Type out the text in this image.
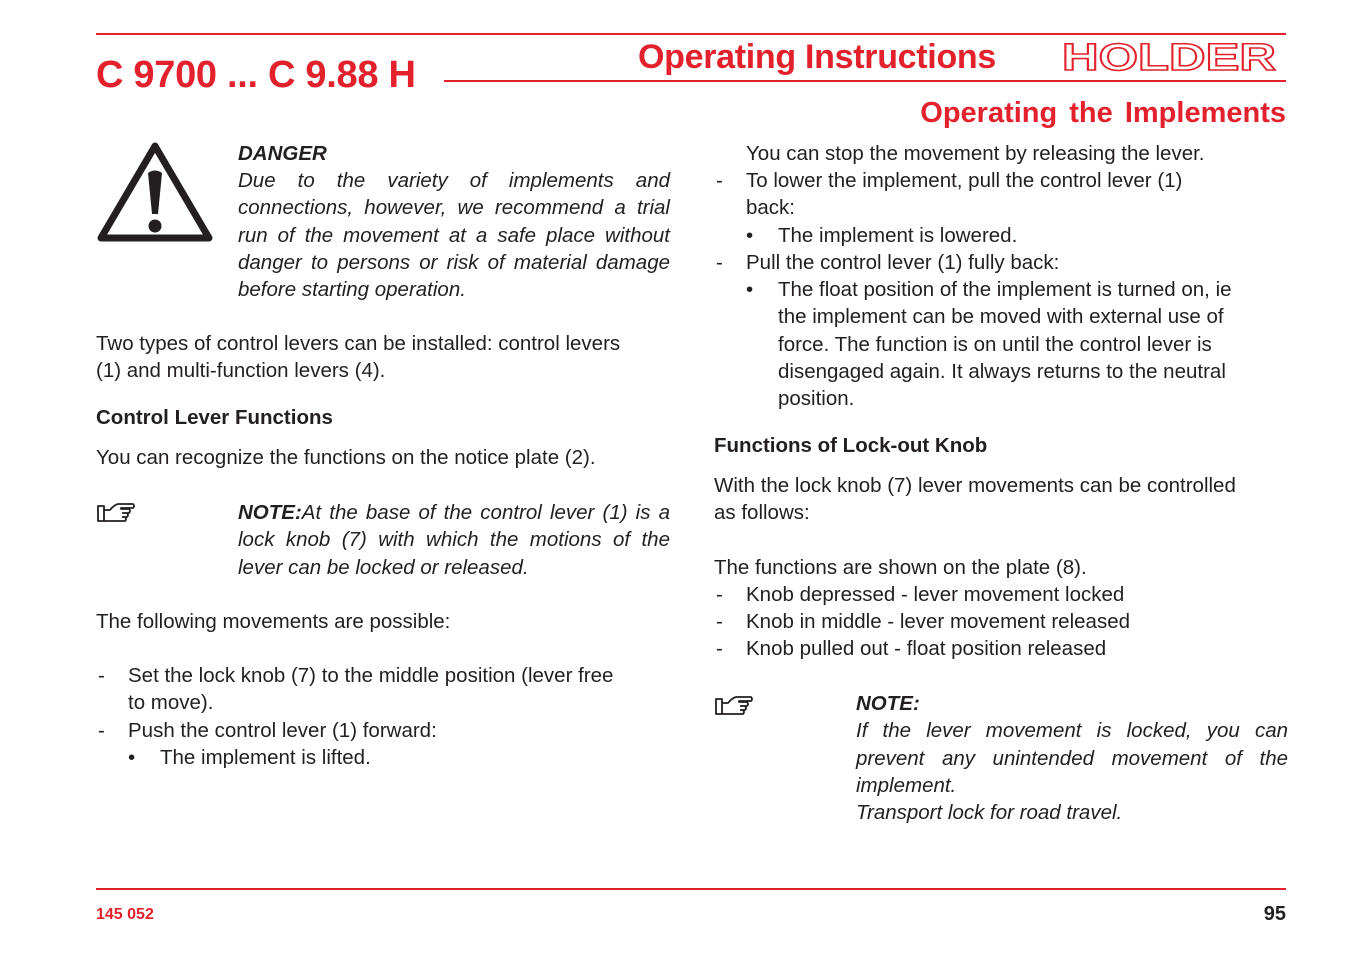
C 9700 ... C 9.88 H	Operating Instructions HOLDER
Operating the Implements
DANGER
Due to the variety of implements and
connections, however, we recommend a trial
run of the movement at a safe place without
danger to persons or risk of material damage
before starting operation.
Two types of control levers can be installed: control levers
(1) and multi-function levers (4).
Control Lever Functions
You can recognize the functions on the notice plate (2).
NOTE:At the base of the control lever (1) is a
lock knob (7) with which the motions of the
lever can be locked or released.
The following movements are possible:
- Set the lock knob (7) to the middle position (lever free
to move).
- Push the control lever (1) forward:
• The implement is lifted.
You can stop the movement by releasing the lever.
- To lower the implement, pull the control lever (1)
back:
• The implement is lowered.
- Pull the control lever (1) fully back:
• The float position of the implement is turned on, ie
the implement can be moved with external use of
force. The function is on until the control lever is
disengaged again. It always returns to the neutral
position.
Functions of Lock-out Knob
With the lock knob (7) lever movements can be controlled
as follows:
The functions are shown on the plate (8).
- Knob depressed - lever movement locked
- Knob in middle - lever movement released
- Knob pulled out - float position released
NOTE:
If the lever movement is locked, you can
prevent any unintended movement of the
implement.
Transport lock for road travel.
145 052	95
